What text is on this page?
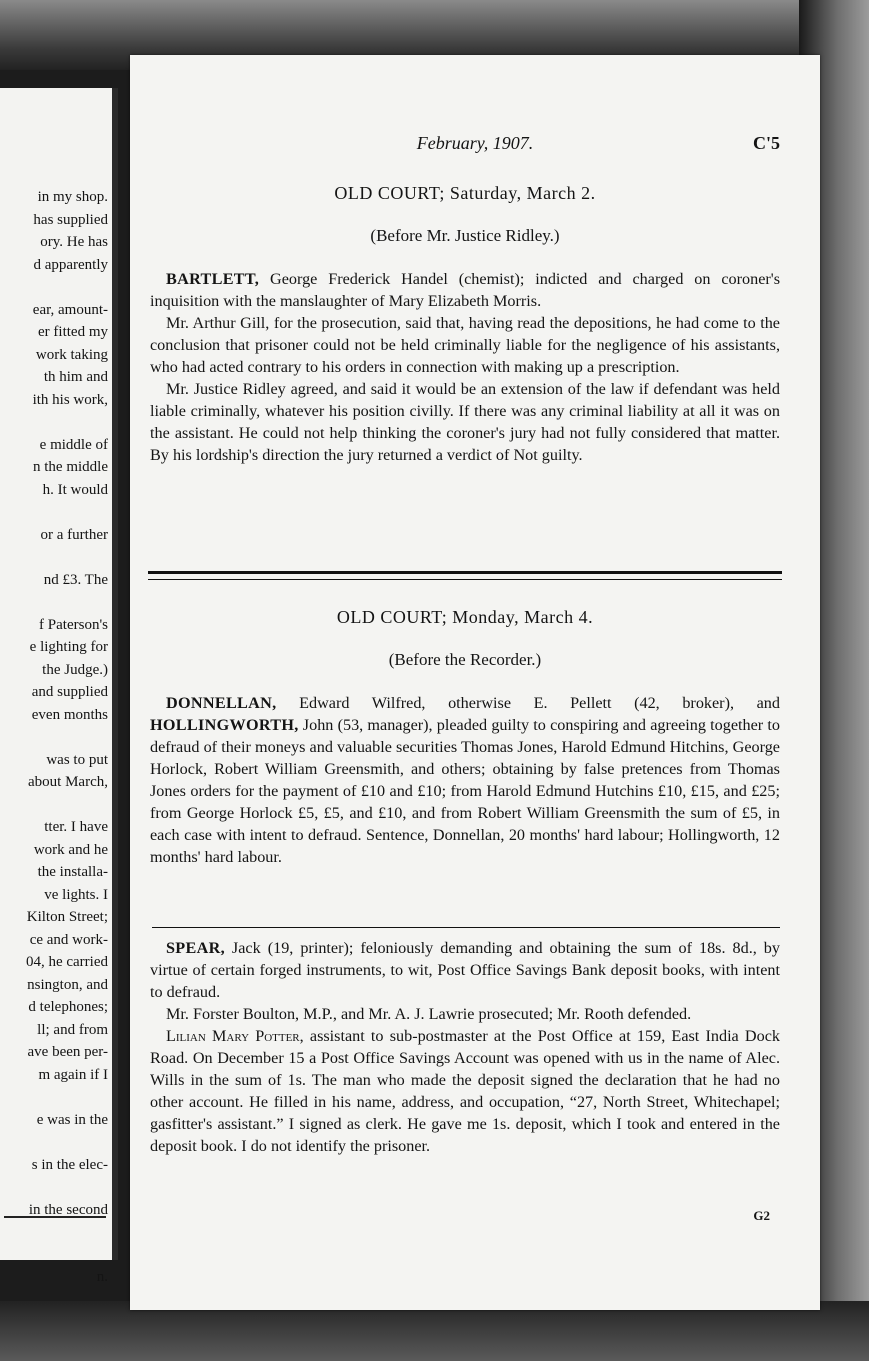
in my shop.
has supplied
ory. He has
d apparently
ear, amount-
er fitted my
work taking
th him and
ith his work,
e middle of
n the middle
h. It would
or a further
nd £3. The
f Paterson's
e lighting for
the Judge.)
and supplied
even months
was to put
about March,
tter. I have
work and he
the installa-
ve lights. I
Kilton Street;
ce and work-
04, he carried
nsington, and
d telephones;
ll; and from
ave been per-
m again if I
e was in the
s in the elec-
in the second
n.
February, 1907.	C'5

OLD COURT; Saturday, March 2.

(Before Mr. Justice Ridley.)

BARTLETT, George Frederick Handel (chemist); indicted and charged on coroner's inquisition with the manslaughter of Mary Elizabeth Morris.

Mr. Arthur Gill, for the prosecution, said that, having read the depositions, he had come to the conclusion that prisoner could not be held criminally liable for the negligence of his assistants, who had acted contrary to his orders in connection with making up a prescription.

Mr. Justice Ridley agreed, and said it would be an extension of the law if defendant was held liable criminally, whatever his position civilly. If there was any criminal liability at all it was on the assistant. He could not help thinking the coroner's jury had not fully considered that matter. By his lordship's direction the jury returned a verdict of Not guilty.

OLD COURT; Monday, March 4.

(Before the Recorder.)

DONNELLAN, Edward Wilfred, otherwise E. Pellett (42, broker), and HOLLINGWORTH, John (53, manager), pleaded guilty to conspiring and agreeing together to defraud of their moneys and valuable securities Thomas Jones, Harold Edmund Hitchins, George Horlock, Robert William Greensmith, and others; obtaining by false pretences from Thomas Jones orders for the payment of £10 and £10; from Harold Edmund Hutchins £10, £15, and £25; from George Horlock £5, £5, and £10, and from Robert William Greensmith the sum of £5, in each case with intent to defraud. Sentence, Donnellan, 20 months' hard labour; Hollingworth, 12 months' hard labour.

SPEAR, Jack (19, printer); feloniously demanding and obtaining the sum of 18s. 8d., by virtue of certain forged instruments, to wit, Post Office Savings Bank deposit books, with intent to defraud.

Mr. Forster Boulton, M.P., and Mr. A. J. Lawrie prosecuted; Mr. Rooth defended.

Lilian Mary Potter, assistant to sub-postmaster at the Post Office at 159, East India Dock Road. On December 15 a Post Office Savings Account was opened with us in the name of Alec. Wills in the sum of 1s. The man who made the deposit signed the declaration that he had no other account. He filled in his name, address, and occupation, “27, North Street, Whitechapel; gasfitter's assistant.” I signed as clerk. He gave me 1s. deposit, which I took and entered in the deposit book. I do not identify the prisoner.

G2
